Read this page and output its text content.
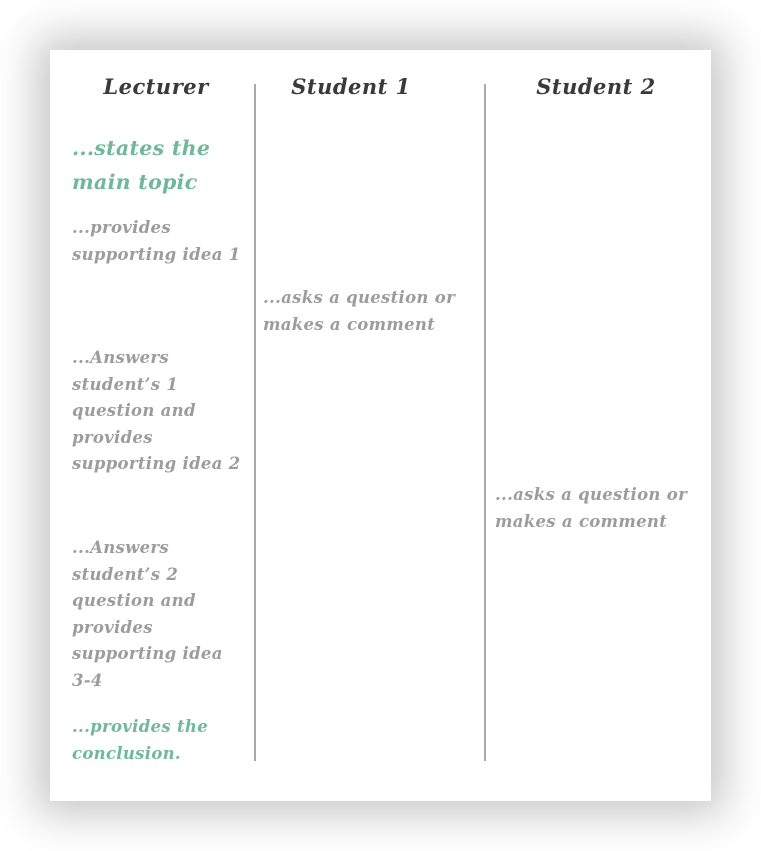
Lecturer	Student 1	Student 2
...states the
main topic
...provides
supporting idea 1
...Answers
student’s 1
question and
provides
supporting idea 2
...Answers
student’s 2
question and
provides
supporting idea
3-4
...provides the
conclusion.
...asks a question or
makes a comment
...asks a question or
makes a comment
